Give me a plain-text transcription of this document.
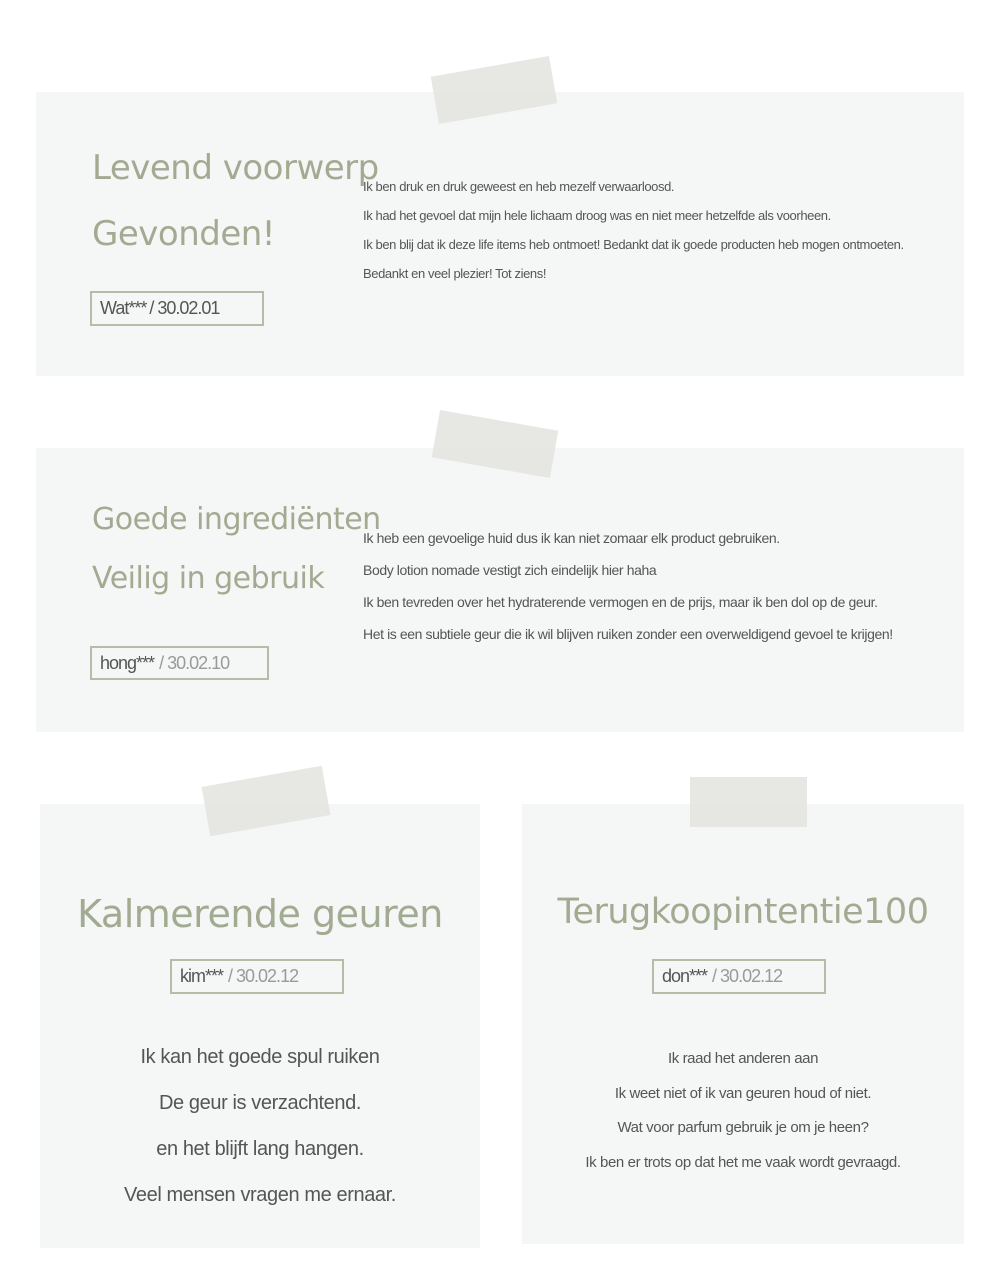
Levend voorwerp
Gevonden!
Wat*** / 30.02.01
Ik ben druk en druk geweest en heb mezelf verwaarloosd.
Ik had het gevoel dat mijn hele lichaam droog was en niet meer hetzelfde als voorheen.
Ik ben blij dat ik deze life items heb ontmoet! Bedankt dat ik goede producten heb mogen ontmoeten.
Bedankt en veel plezier! Tot ziens!
Goede ingrediënten
Veilig in gebruik
hong*** / 30.02.10
Ik heb een gevoelige huid dus ik kan niet zomaar elk product gebruiken.
Body lotion nomade vestigt zich eindelijk hier haha
Ik ben tevreden over het hydraterende vermogen en de prijs, maar ik ben dol op de geur.
Het is een subtiele geur die ik wil blijven ruiken zonder een overweldigend gevoel te krijgen!
Kalmerende geuren
kim*** / 30.02.12
Ik kan het goede spul ruiken
De geur is verzachtend.
en het blijft lang hangen.
Veel mensen vragen me ernaar.
Terugkoopintentie100
don*** / 30.02.12
Ik raad het anderen aan
Ik weet niet of ik van geuren houd of niet.
Wat voor parfum gebruik je om je heen?
Ik ben er trots op dat het me vaak wordt gevraagd.
